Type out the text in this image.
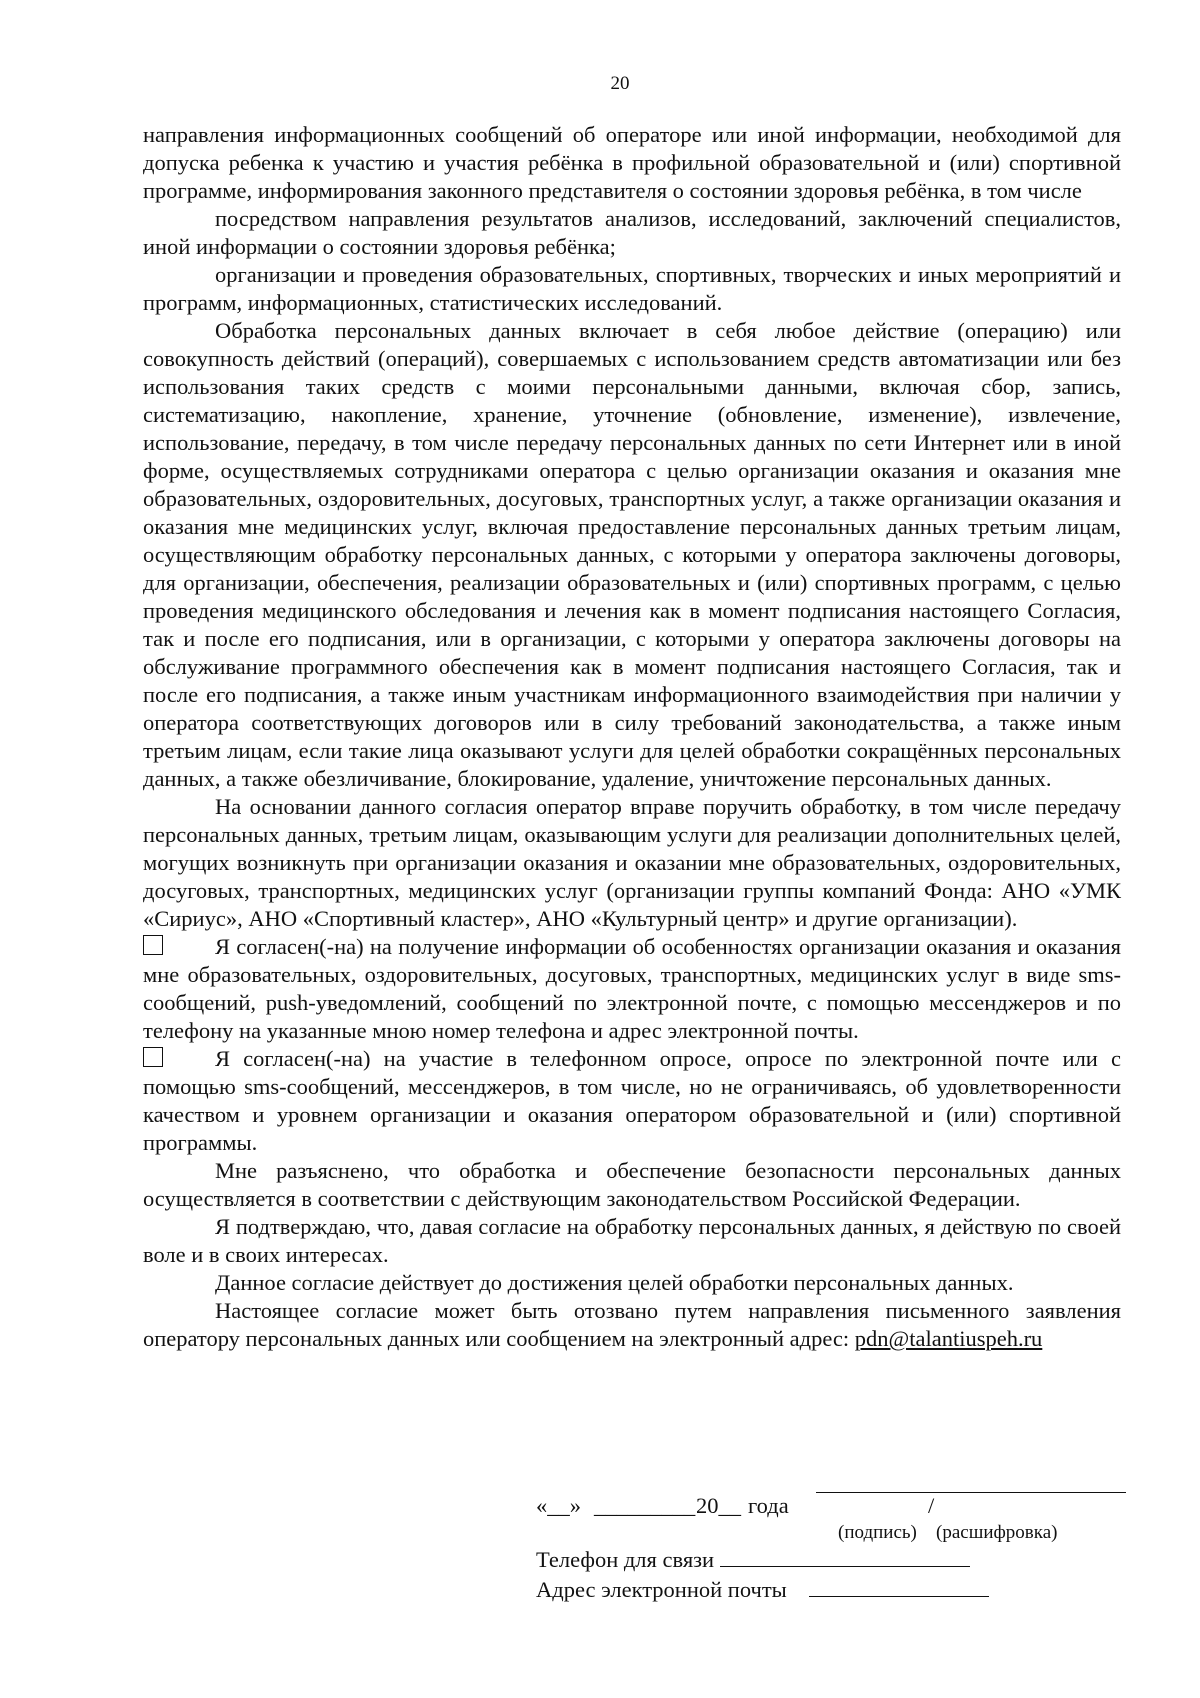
20

направления информационных сообщений об операторе или иной информации, необходимой для допуска ребенка к участию и участия ребёнка в профильной образовательной и (или) спортивной программе, информирования законного представителя о состоянии здоровья ребёнка, в том числе

посредством направления результатов анализов, исследований, заключений специалистов, иной информации о состоянии здоровья ребёнка;

организации и проведения образовательных, спортивных, творческих и иных мероприятий и программ, информационных, статистических исследований.

Обработка персональных данных включает в себя любое действие (операцию) или совокупность действий (операций), совершаемых с использованием средств автоматизации или без использования таких средств с моими персональными данными, включая сбор, запись, систематизацию, накопление, хранение, уточнение (обновление, изменение), извлечение, использование, передачу, в том числе передачу персональных данных по сети Интернет или в иной форме, осуществляемых сотрудниками оператора с целью организации оказания и оказания мне образовательных, оздоровительных, досуговых, транспортных услуг, а также организации оказания и оказания мне медицинских услуг, включая предоставление персональных данных третьим лицам, осуществляющим обработку персональных данных, с которыми у оператора заключены договоры, для организации, обеспечения, реализации образовательных и (или) спортивных программ, с целью проведения медицинского обследования и лечения как в момент подписания настоящего Согласия, так и после его подписания, или в организации, с которыми у оператора заключены договоры на обслуживание программного обеспечения как в момент подписания настоящего Согласия, так и после его подписания, а также иным участникам информационного взаимодействия при наличии у оператора соответствующих договоров или в силу требований законодательства, а также иным третьим лицам, если такие лица оказывают услуги для целей обработки сокращённых персональных данных, а также обезличивание, блокирование, удаление, уничтожение персональных данных.

На основании данного согласия оператор вправе поручить обработку, в том числе передачу персональных данных, третьим лицам, оказывающим услуги для реализации дополнительных целей, могущих возникнуть при организации оказания и оказании мне образовательных, оздоровительных, досуговых, транспортных, медицинских услуг (организации группы компаний Фонда: АНО «УМК «Сириус», АНО «Спортивный кластер», АНО «Культурный центр» и другие организации).

Я согласен(-на) на получение информации об особенностях организации оказания и оказания мне образовательных, оздоровительных, досуговых, транспортных, медицинских услуг в виде sms- сообщений, push-уведомлений, сообщений по электронной почте, с помощью мессенджеров и по телефону на указанные мною номер телефона и адрес электронной почты.

Я согласен(-на) на участие в телефонном опросе, опросе по электронной почте или с помощью sms-сообщений, мессенджеров, в том числе, но не ограничиваясь, об удовлетворенности качеством и уровнем организации и оказания оператором образовательной и (или) спортивной программы.

Мне разъяснено, что обработка и обеспечение безопасности персональных данных осуществляется в соответствии с действующим законодательством Российской Федерации.

Я подтверждаю, что, давая согласие на обработку персональных данных, я действую по своей воле и в своих интересах.

Данное согласие действует до достижения целей обработки персональных данных.

Настоящее согласие может быть отозвано путем направления письменного заявления оператору персональных данных или сообщением на электронный адрес: pdn@talantiuspeh.ru

«__» _________ 20__ года	/
(подпись) (расшифровка)
Телефон для связи
Адрес электронной почты
